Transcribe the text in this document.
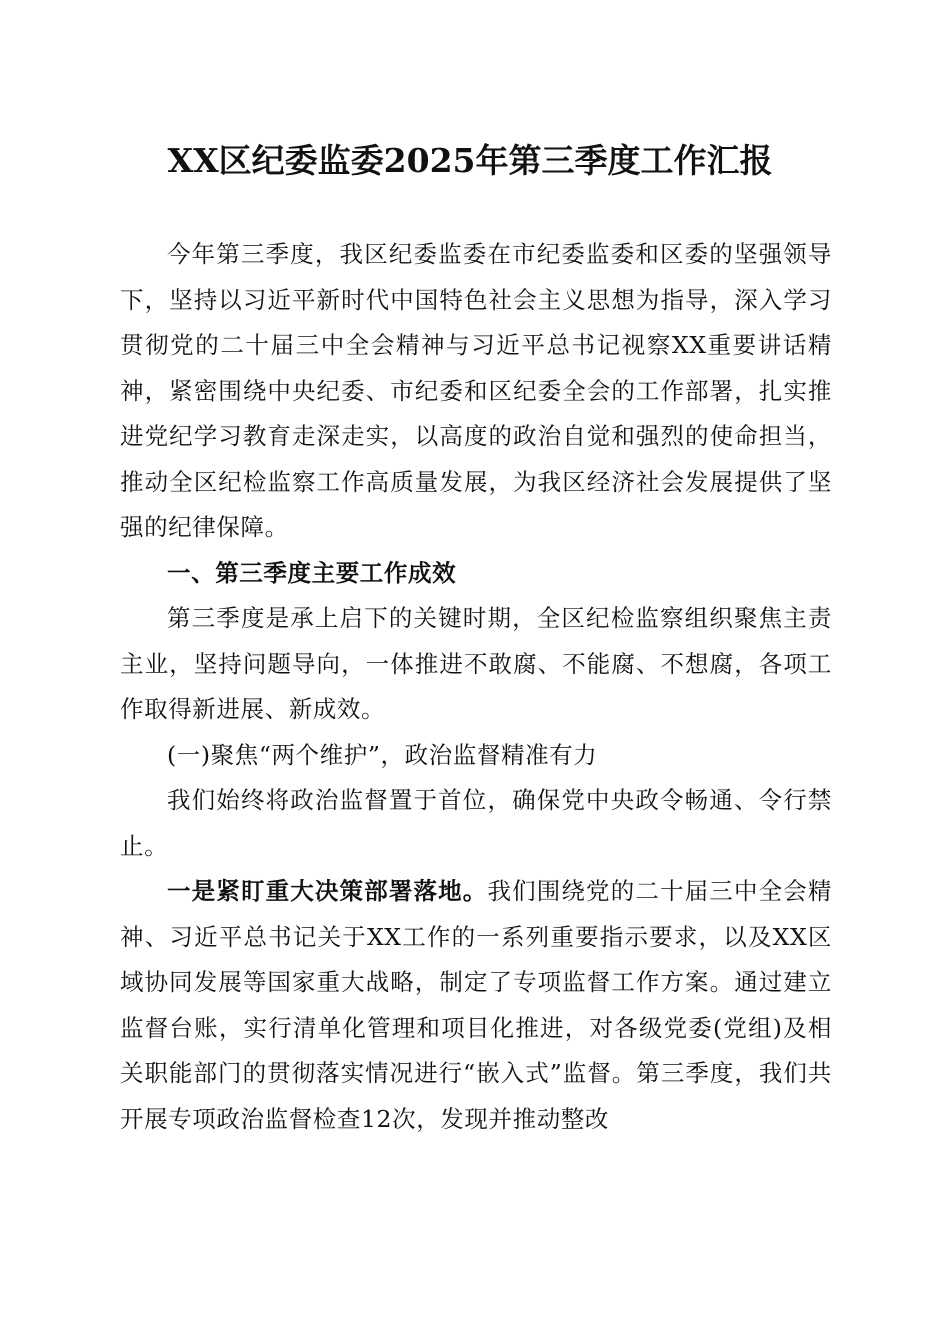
XX区纪委监委2025年第三季度工作汇报

今年第三季度，我区纪委监委在市纪委监委和区委的坚强领导下，坚持以习近平新时代中国特色社会主义思想为指导，深入学习贯彻党的二十届三中全会精神与习近平总书记视察XX重要讲话精神，紧密围绕中央纪委、市纪委和区纪委全会的工作部署，扎实推进党纪学习教育走深走实，以高度的政治自觉和强烈的使命担当，推动全区纪检监察工作高质量发展，为我区经济社会发展提供了坚强的纪律保障。

一、第三季度主要工作成效

第三季度是承上启下的关键时期，全区纪检监察组织聚焦主责主业，坚持问题导向，一体推进不敢腐、不能腐、不想腐，各项工作取得新进展、新成效。

(一)聚焦“两个维护”，政治监督精准有力

我们始终将政治监督置于首位，确保党中央政令畅通、令行禁止。

一是紧盯重大决策部署落地。我们围绕党的二十届三中全会精神、习近平总书记关于XX工作的一系列重要指示要求，以及XX区域协同发展等国家重大战略，制定了专项监督工作方案。通过建立监督台账，实行清单化管理和项目化推进，对各级党委(党组)及相关职能部门的贯彻落实情况进行“嵌入式”监督。第三季度，我们共开展专项政治监督检查12次，发现并推动整改
